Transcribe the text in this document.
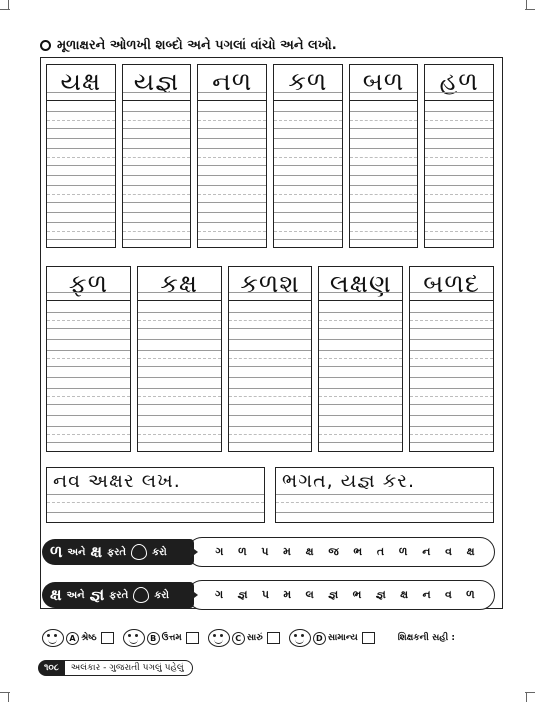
મૂળાક્ષરને ઓળખી શબ્દો અને પગલાં વાંચો અને લખો.
યક્ષ	યજ્ઞ	નળ	કળ	બળ	હળ
ફળ	કક્ષ	કળશ	લક્ષણ	બળદ
નવ અક્ષર લખ.	ભગત, યજ્ઞ કર.
ગ ળ પ મ ક્ષ જ ભ ત ળ ન વ ક્ષ
ળ અને ક્ષ ફરતે	કરો
ગ જ્ઞ પ મ લ જ્ઞ ભ જ્ઞ ક્ષ ન વ ળ
ક્ષ અને જ્ઞ ફરતે	કરો
A શ્રેષ્ઠ	B ઉત્તમ	C સારું	D સામાન્ય	શિક્ષકની સહી :
૧૦૮	અલંકાર - ગુજરાતી પગલું પહેલું
